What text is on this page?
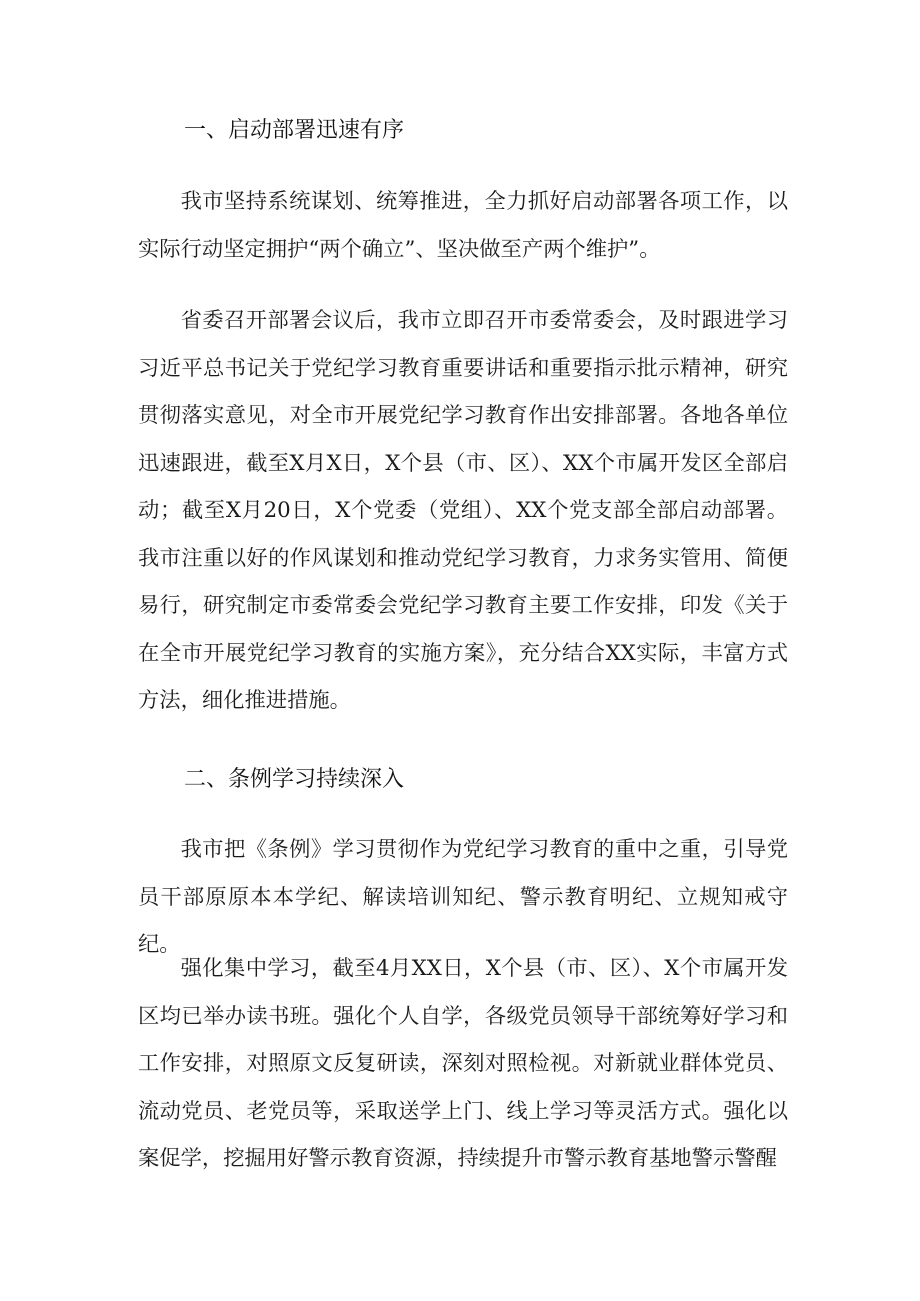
一、启动部署迅速有序
我市坚持系统谋划、统筹推进，全力抓好启动部署各项工作，以实际行动坚定拥护“两个确立”、坚决做至产两个维护”。
省委召开部署会议后，我市立即召开市委常委会，及时跟进学习习近平总书记关于党纪学习教育重要讲话和重要指示批示精神，研究贯彻落实意见，对全市开展党纪学习教育作出安排部署。各地各单位迅速跟进，截至X月X日，X个县（市、区）、XX个市属开发区全部启动；截至X月20日，X个党委（党组）、XX个党支部全部启动部署。我市注重以好的作风谋划和推动党纪学习教育，力求务实管用、简便易行，研究制定市委常委会党纪学习教育主要工作安排，印发《关于在全市开展党纪学习教育的实施方案》，充分结合XX实际，丰富方式方法，细化推进措施。
二、条例学习持续深入
我市把《条例》学习贯彻作为党纪学习教育的重中之重，引导党员干部原原本本学纪、解读培训知纪、警示教育明纪、立规知戒守纪。
强化集中学习，截至4月XX日，X个县（市、区）、X个市属开发区均已举办读书班。强化个人自学，各级党员领导干部统筹好学习和工作安排，对照原文反复研读，深刻对照检视。对新就业群体党员、流动党员、老党员等，采取送学上门、线上学习等灵活方式。强化以案促学，挖掘用好警示教育资源，持续提升市警示教育基地警示警醒
